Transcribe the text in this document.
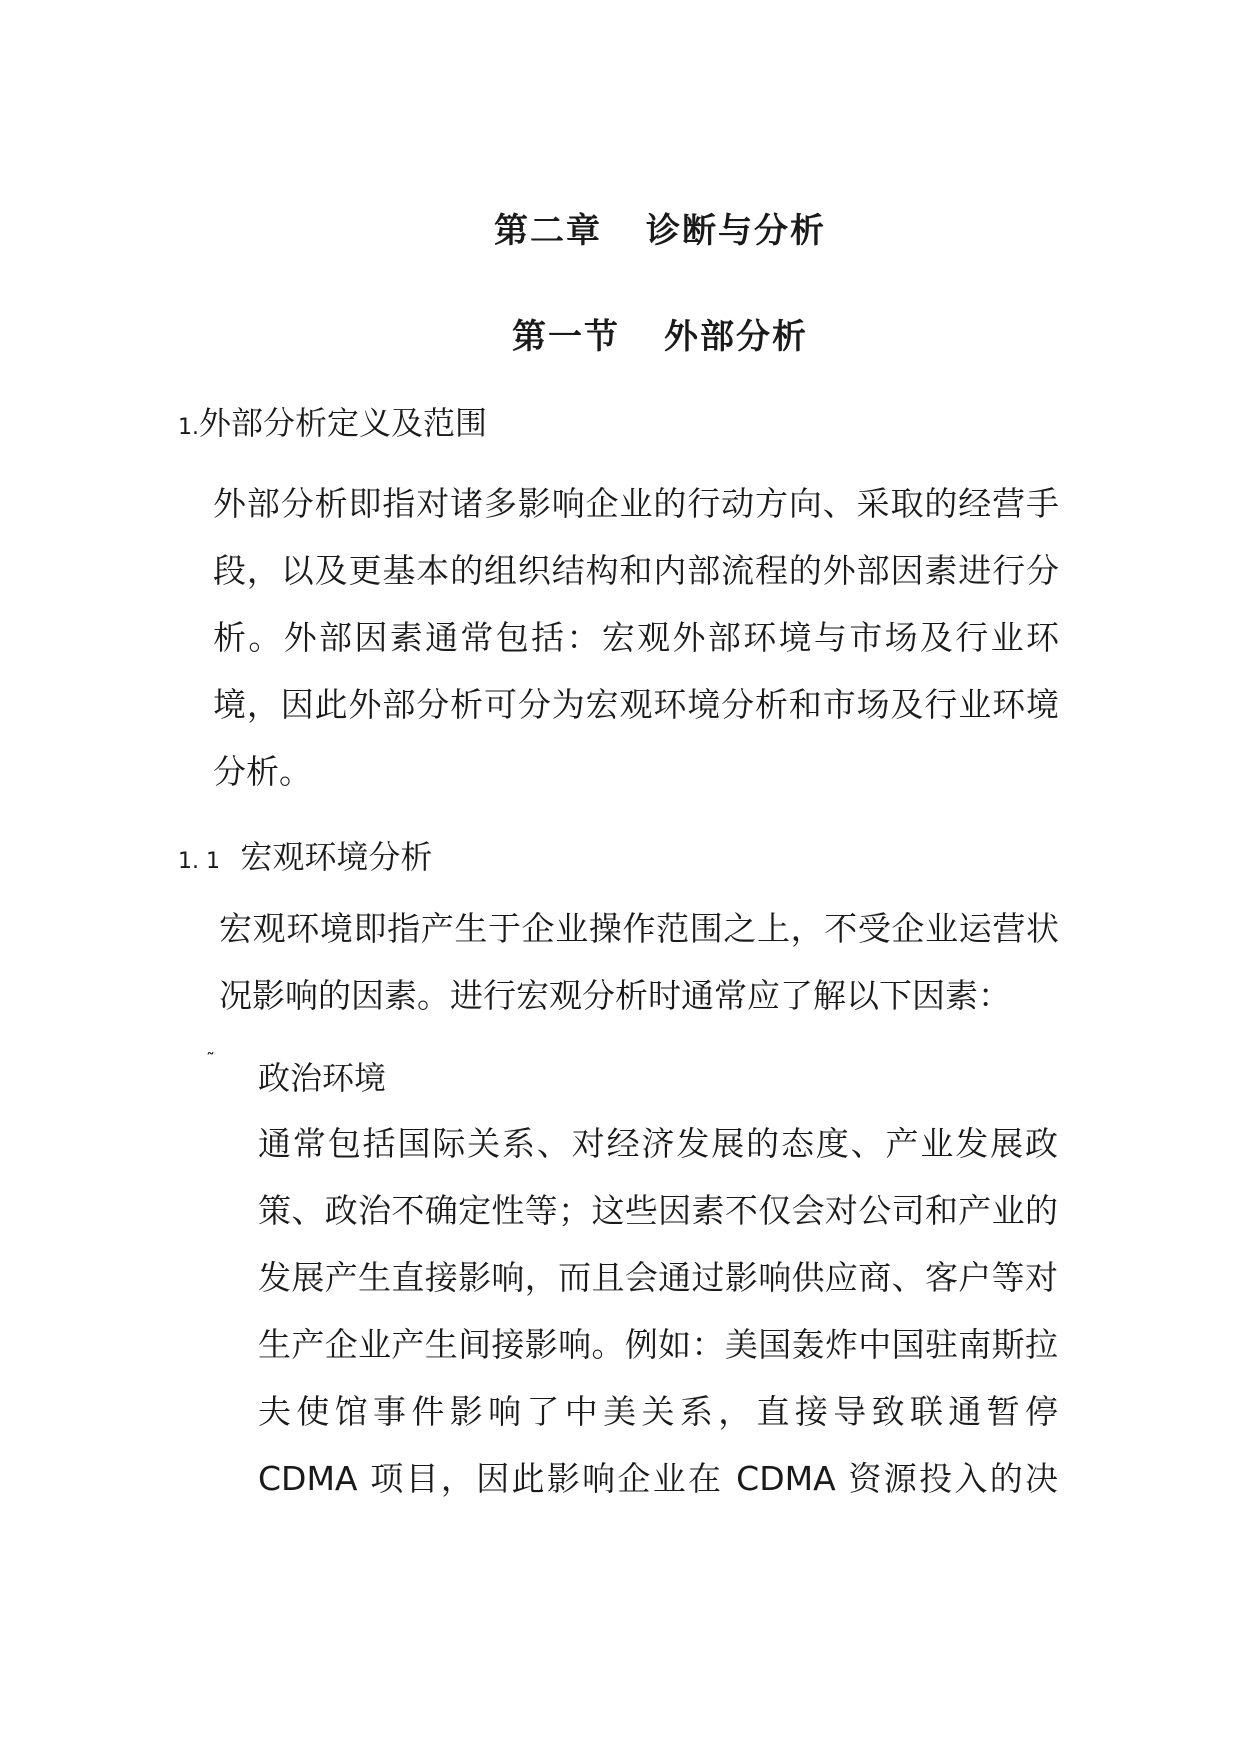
第二章 诊断与分析
第一节 外部分析
1.外部分析定义及范围
外部分析即指对诸多影响企业的行动方向、采取的经营手
段，以及更基本的组织结构和内部流程的外部因素进行分
析。外部因素通常包括：宏观外部环境与市场及行业环
境，因此外部分析可分为宏观环境分析和市场及行业环境
分析。
1. 1 宏观环境分析
宏观环境即指产生于企业操作范围之上，不受企业运营状
况影响的因素。进行宏观分析时通常应了解以下因素：
˜ 政治环境
通常包括国际关系、对经济发展的态度、产业发展政
策、政治不确定性等；这些因素不仅会对公司和产业的
发展产生直接影响，而且会通过影响供应商、客户等对
生产企业产生间接影响。例如：美国轰炸中国驻南斯拉
夫使馆事件影响了中美关系，直接导致联通暂停
CDMA 项目，因此影响企业在 CDMA 资源投入的决
